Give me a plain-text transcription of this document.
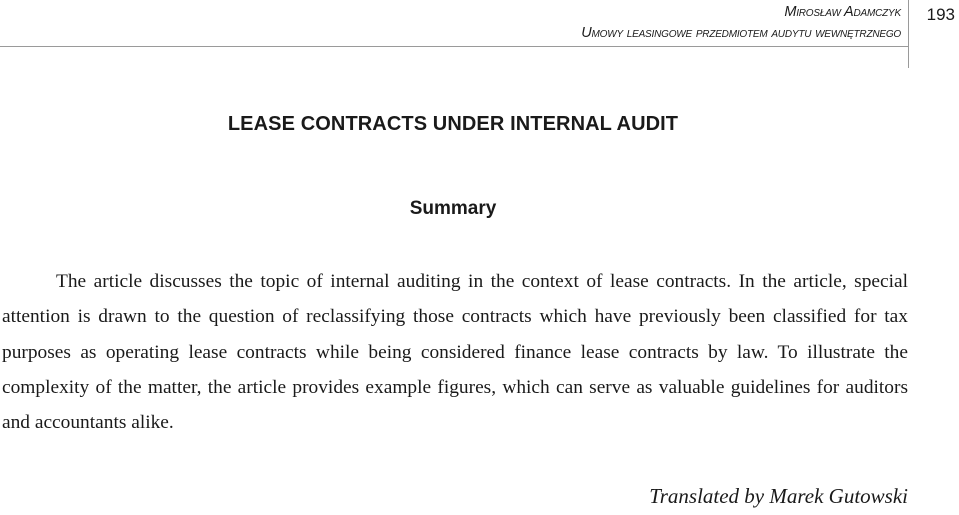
Mirosław Adamczyk
Umowy leasingowe przedmiotem audytu wewnętrznego
193
LEASE CONTRACTS UNDER INTERNAL AUDIT
Summary

The article discusses the topic of internal auditing in the context of lease contracts. In the article, special attention is drawn to the question of reclassifying those contracts which have previously been classified for tax purposes as operating lease contracts while being considered finance lease contracts by law. To illustrate the complexity of the matter, the article provides example figures, which can serve as valuable guidelines for auditors and accountants alike.

Translated by Marek Gutowski
